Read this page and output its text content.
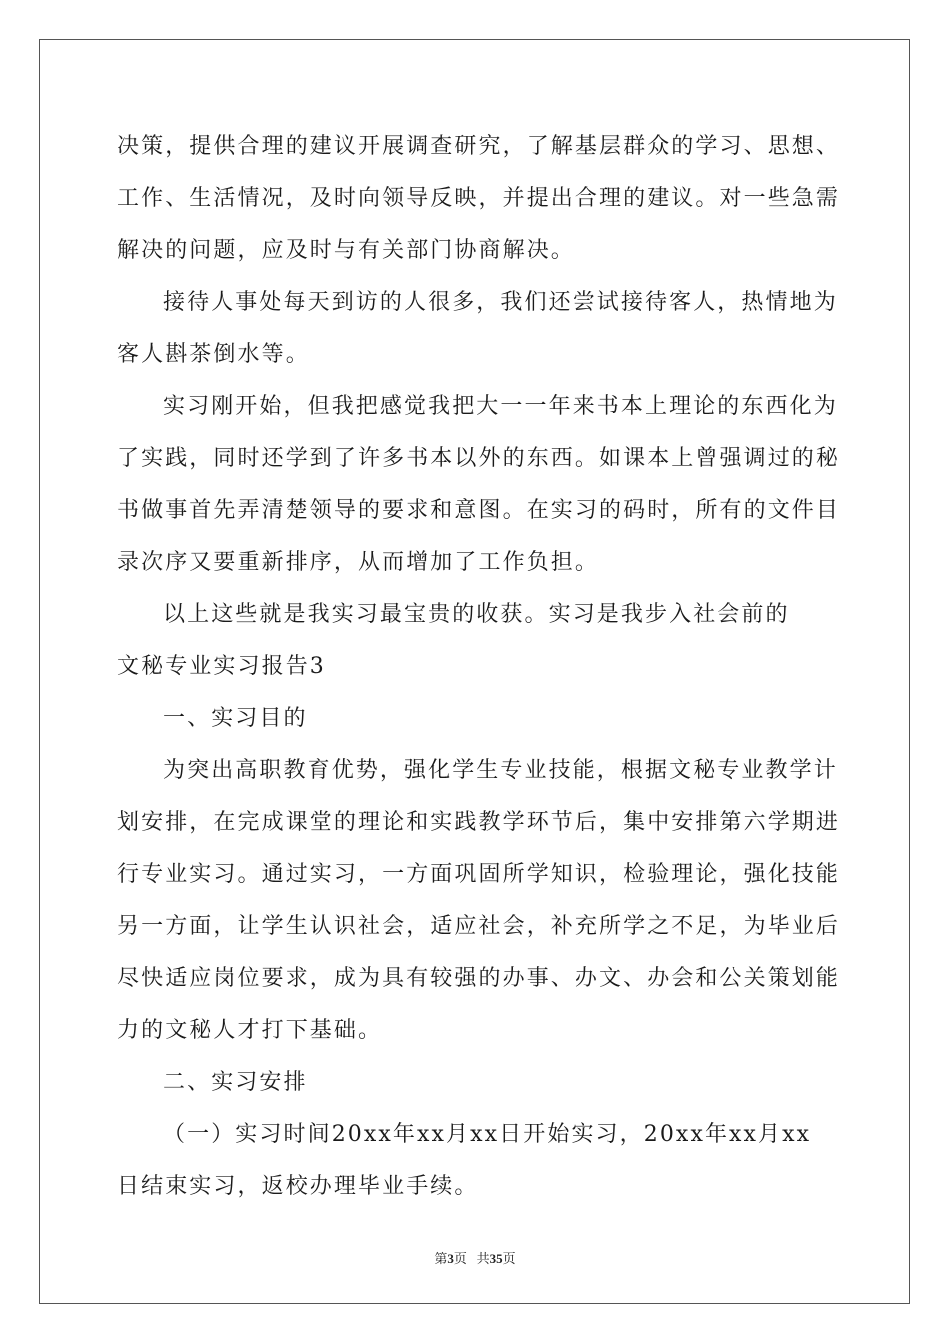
决策，提供合理的建议开展调查研究，了解基层群众的学习、思想、
工作、生活情况，及时向领导反映，并提出合理的建议。对一些急需
解决的问题，应及时与有关部门协商解决。
接待人事处每天到访的人很多，我们还尝试接待客人，热情地为
客人斟茶倒水等。
实习刚开始，但我把感觉我把大一一年来书本上理论的东西化为
了实践，同时还学到了许多书本以外的东西。如课本上曾强调过的秘
书做事首先弄清楚领导的要求和意图。在实习的码时，所有的文件目
录次序又要重新排序，从而增加了工作负担。
以上这些就是我实习最宝贵的收获。实习是我步入社会前的
文秘专业实习报告3
一、实习目的
为突出高职教育优势，强化学生专业技能，根据文秘专业教学计
划安排，在完成课堂的理论和实践教学环节后，集中安排第六学期进
行专业实习。通过实习，一方面巩固所学知识，检验理论，强化技能
另一方面，让学生认识社会，适应社会，补充所学之不足，为毕业后
尽快适应岗位要求，成为具有较强的办事、办文、办会和公关策划能
力的文秘人才打下基础。
二、实习安排
（一）实习时间20xx年xx月xx日开始实习，20xx年xx月xx
日结束实习，返校办理毕业手续。
第3页 共35页
